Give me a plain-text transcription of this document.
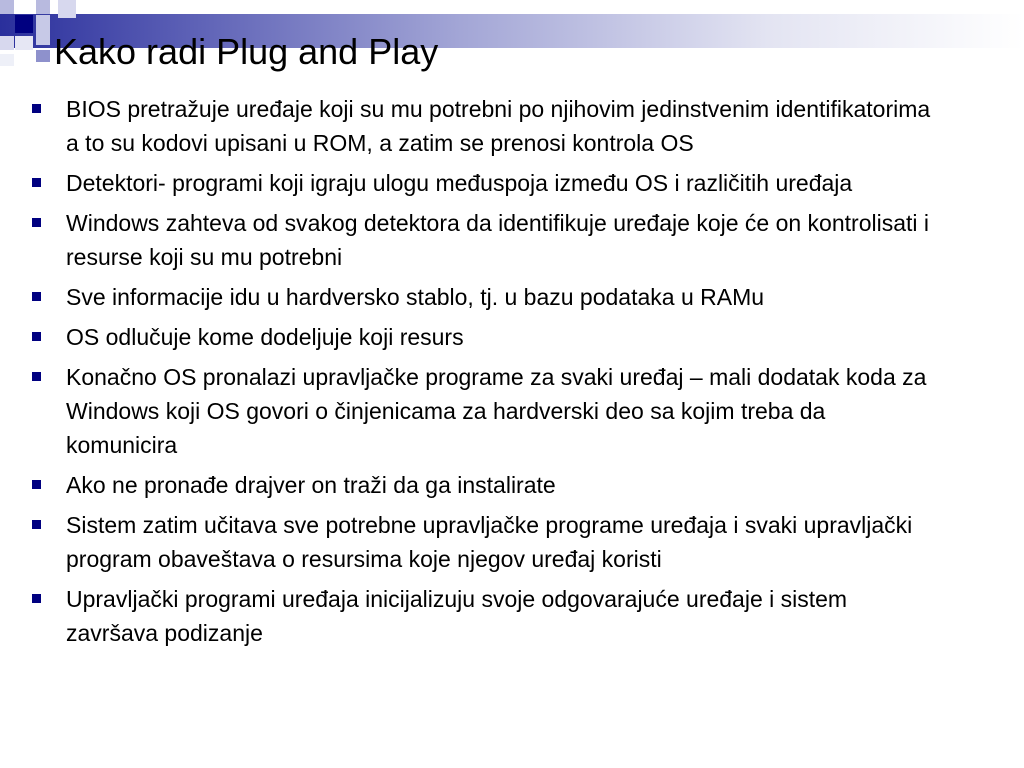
Kako radi Plug and Play
BIOS pretražuje uređaje koji su mu potrebni po njihovim jedinstvenim identifikatorima a to su kodovi upisani u ROM, a zatim se prenosi kontrola OS
Detektori- programi koji igraju ulogu međuspoja između OS i različitih uređaja
Windows zahteva od svakog detektora da identifikuje uređaje koje će on kontrolisati i resurse koji su mu potrebni
Sve informacije idu u hardversko stablo, tj. u bazu podataka u RAMu
OS odlučuje kome dodeljuje koji resurs
Konačno OS pronalazi upravljačke programe za svaki uređaj – mali dodatak koda za Windows koji OS govori o činjenicama za hardverski deo sa kojim treba da komunicira
Ako ne pronađe drajver on traži da ga instalirate
Sistem zatim učitava sve potrebne upravljačke programe uređaja i svaki upravljački program obaveštava o resursima koje njegov uređaj koristi
Upravljački programi uređaja inicijalizuju svoje odgovarajuće uređaje i sistem završava podizanje
